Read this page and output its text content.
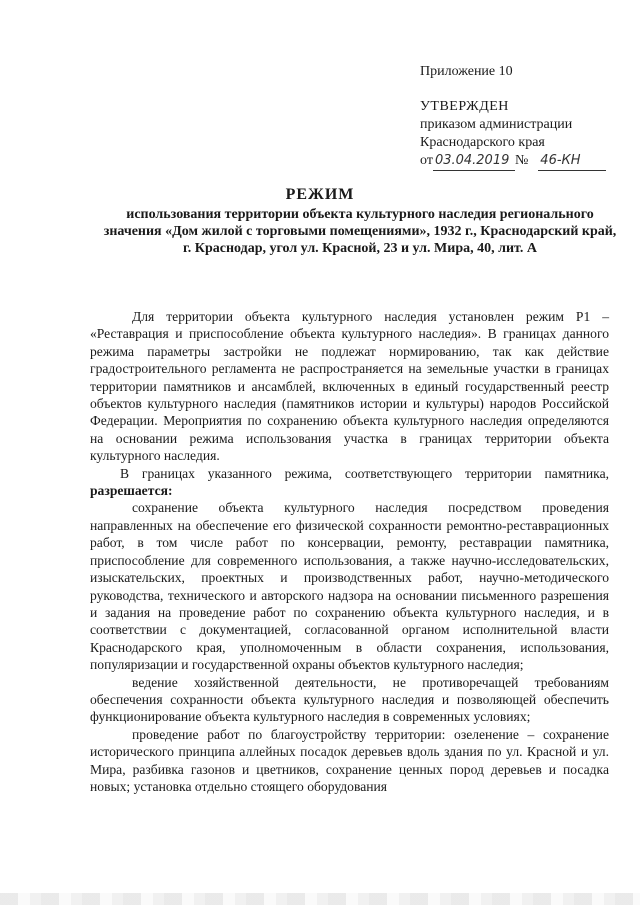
Приложение 10
УТВЕРЖДЕН
приказом администрации
Краснодарского края
от 03.04.2019 № 46-КН
РЕЖИМ
использования территории объекта культурного наследия регионального значения «Дом жилой с торговыми помещениями», 1932 г., Краснодарский край, г. Краснодар, угол ул. Красной, 23 и ул. Мира, 40, лит. А

Для территории объекта культурного наследия установлен режим Р1 – «Реставрация и приспособление объекта культурного наследия». В границах данного режима параметры застройки не подлежат нормированию, так как действие градостроительного регламента не распространяется на земельные участки в границах территории памятников и ансамблей, включенных в единый государственный реестр объектов культурного наследия (памятников истории и культуры) народов Российской Федерации. Мероприятия по сохранению объекта культурного наследия определяются на основании режима использования участка в границах территории объекта культурного наследия.

В границах указанного режима, соответствующего территории памятника, разрешается:

сохранение объекта культурного наследия посредством проведения направленных на обеспечение его физической сохранности ремонтно-реставрационных работ, в том числе работ по консервации, ремонту, реставрации памятника, приспособление для современного использования, а также научно-исследовательских, изыскательских, проектных и производственных работ, научно-методического руководства, технического и авторского надзора на основании письменного разрешения и задания на проведение работ по сохранению объекта культурного наследия, и в соответствии с документацией, согласованной органом исполнительной власти Краснодарского края, уполномоченным в области сохранения, использования, популяризации и государственной охраны объектов культурного наследия;

ведение хозяйственной деятельности, не противоречащей требованиям обеспечения сохранности объекта культурного наследия и позволяющей обеспечить функционирование объекта культурного наследия в современных условиях;

проведение работ по благоустройству территории: озеленение – сохранение исторического принципа аллейных посадок деревьев вдоль здания по ул. Красной и ул. Мира, разбивка газонов и цветников, сохранение ценных пород деревьев и посадка новых; установка отдельно стоящего оборудования
